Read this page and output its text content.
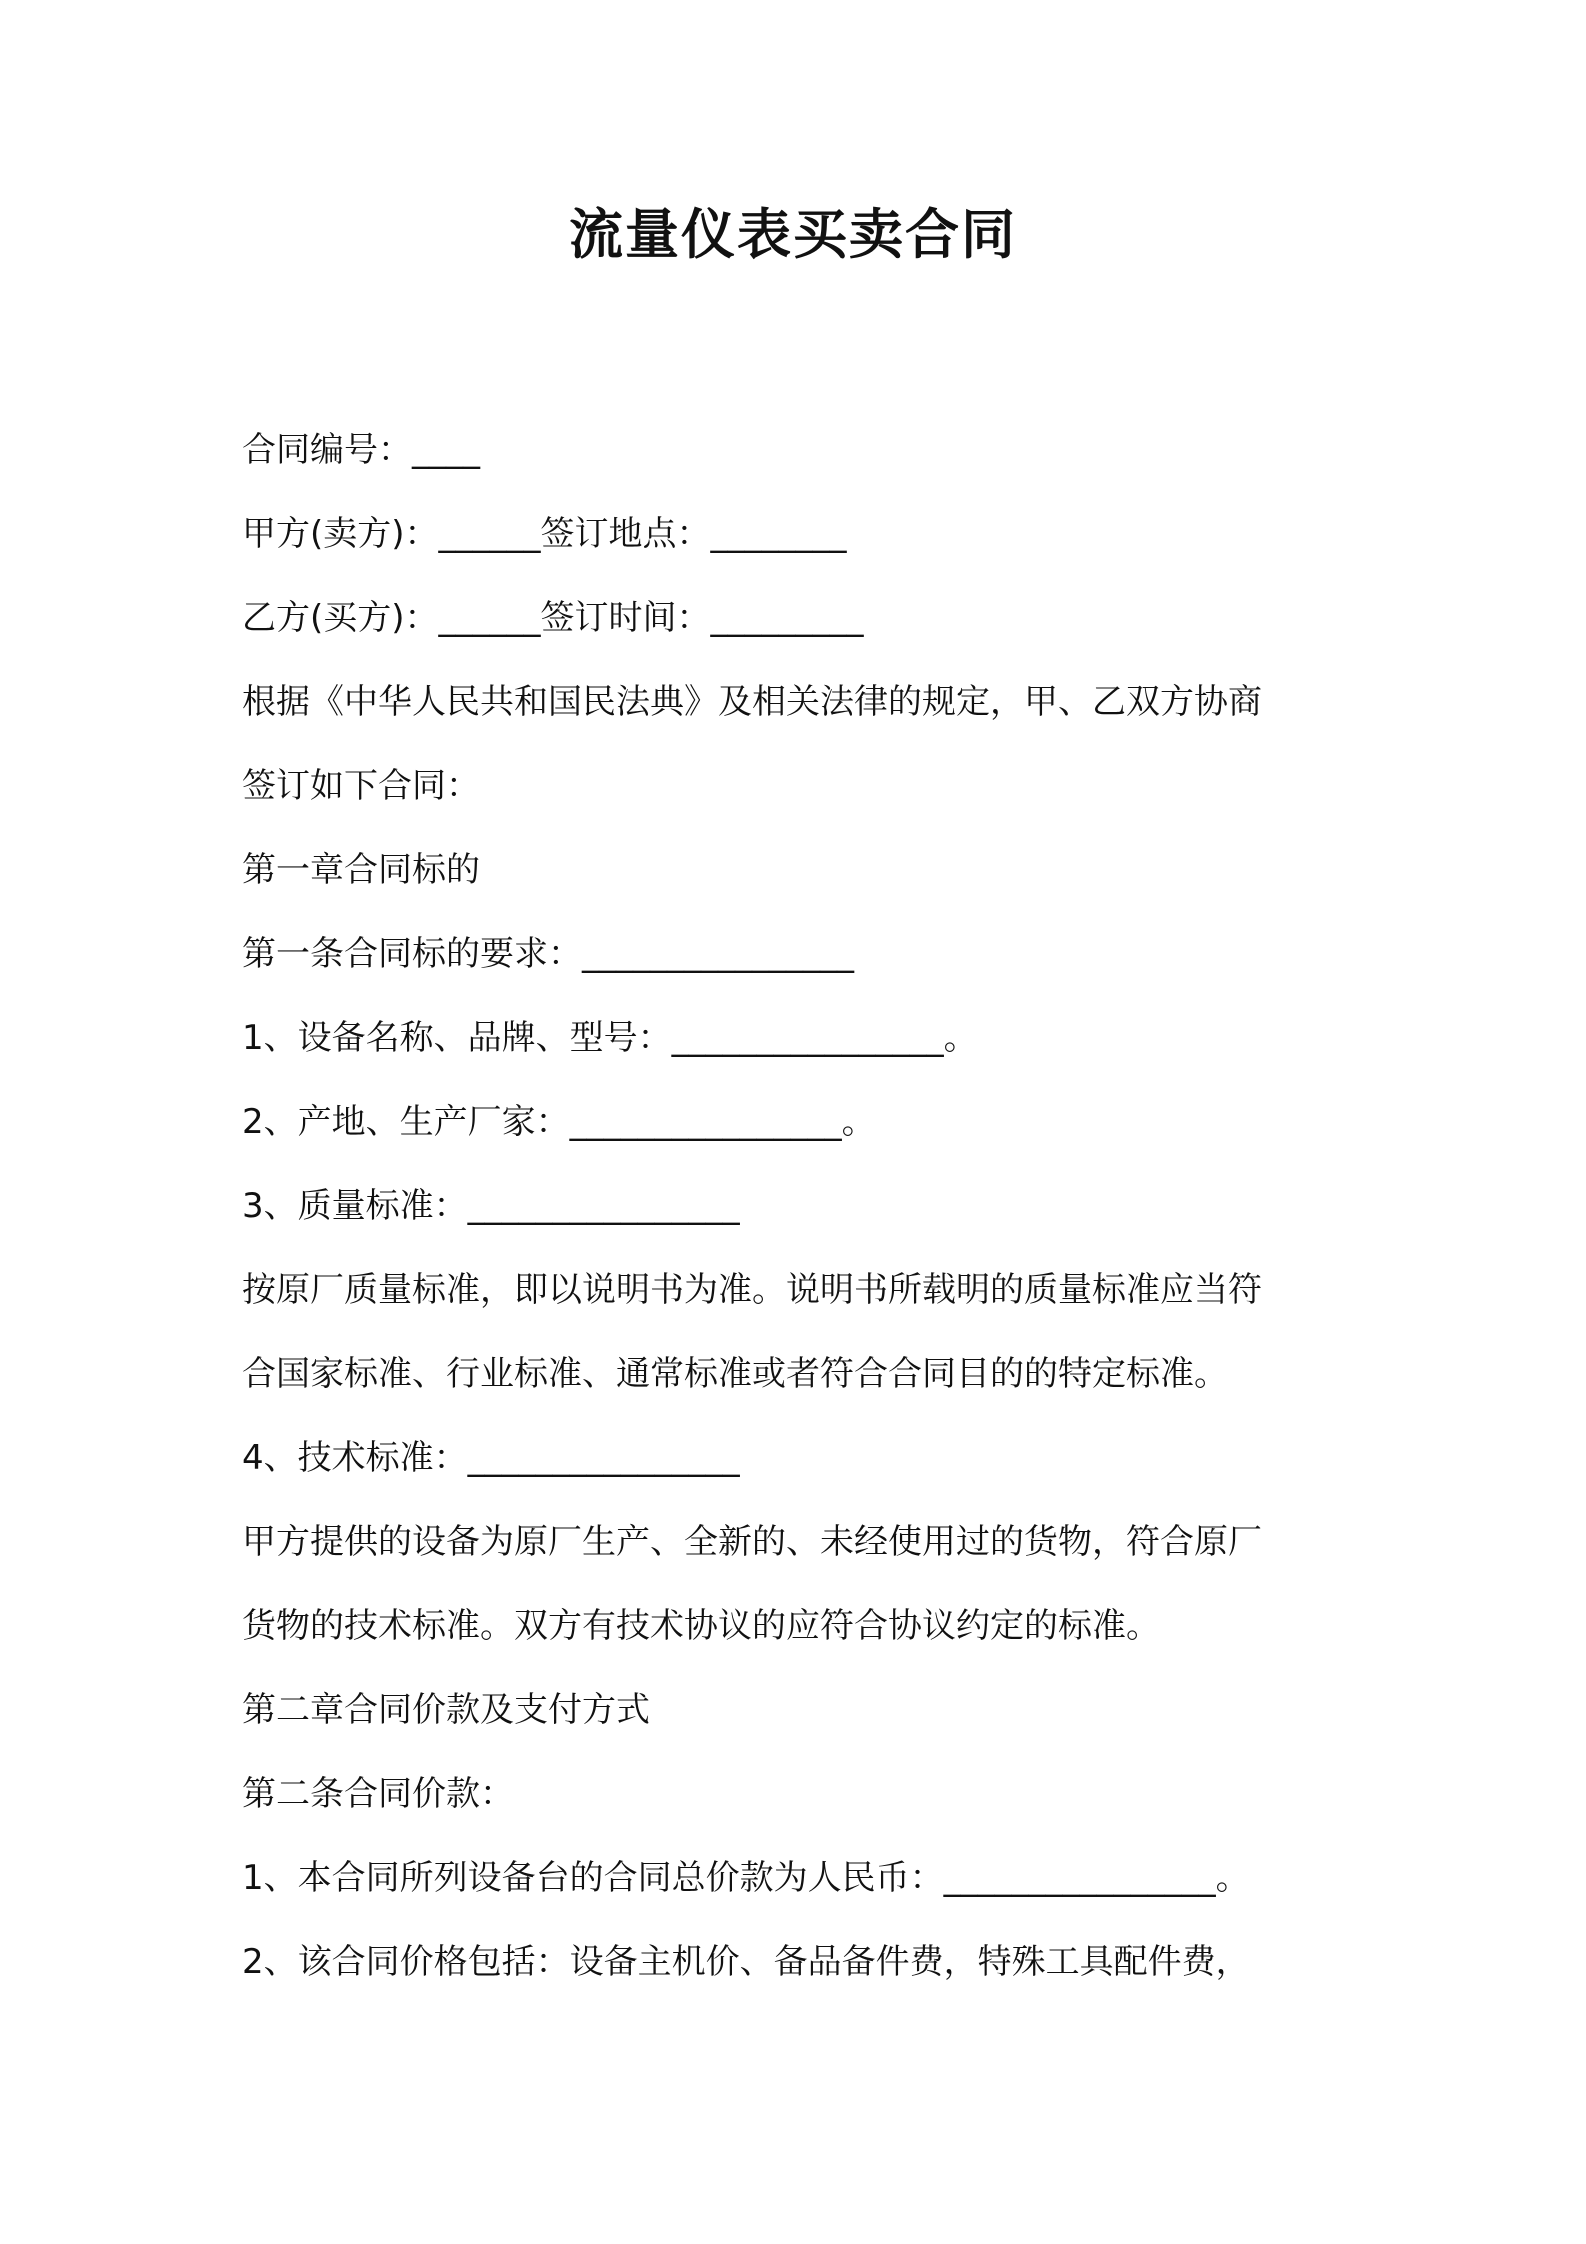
流量仪表买卖合同
合同编号：____
甲方(卖方)：______签订地点：________
乙方(买方)：______签订时间：_________
根据《中华人民共和国民法典》及相关法律的规定，甲、乙双方协商
签订如下合同：
第一章合同标的
第一条合同标的要求：________________
1、设备名称、品牌、型号：________________。
2、产地、生产厂家：________________。
3、质量标准：________________
按原厂质量标准，即以说明书为准。说明书所载明的质量标准应当符
合国家标准、行业标准、通常标准或者符合合同目的的特定标准。
4、技术标准：________________
甲方提供的设备为原厂生产、全新的、未经使用过的货物，符合原厂
货物的技术标准。双方有技术协议的应符合协议约定的标准。
第二章合同价款及支付方式
第二条合同价款：
1、本合同所列设备台的合同总价款为人民币：________________。
2、该合同价格包括：设备主机价、备品备件费，特殊工具配件费，
